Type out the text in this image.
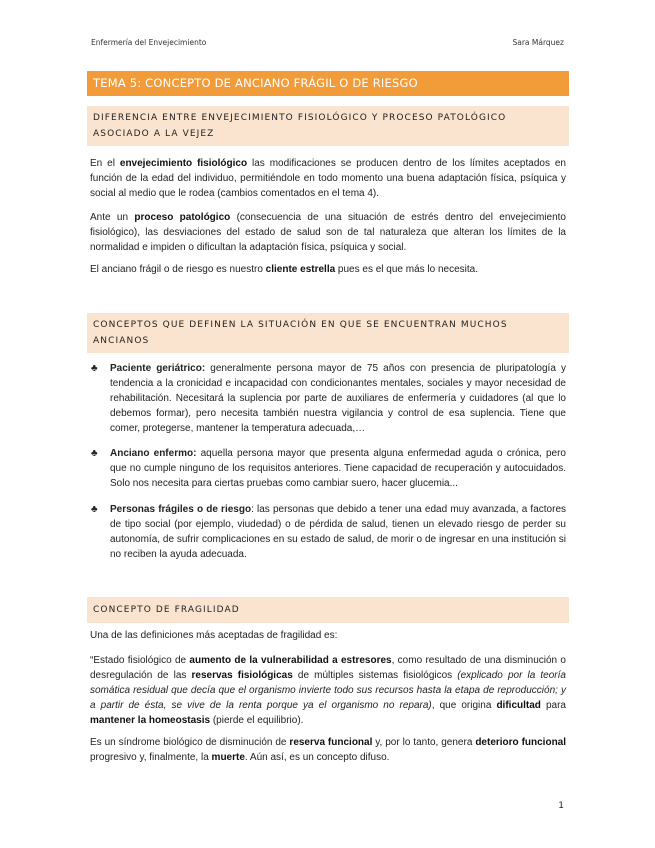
Enfermería del Envejecimiento	Sara Márquez
TEMA 5: CONCEPTO DE ANCIANO FRÁGIL O DE RIESGO
DIFERENCIA ENTRE ENVEJECIMIENTO FISIOLÓGICO Y PROCESO PATOLÓGICO
ASOCIADO A LA VEJEZ
En el envejecimiento fisiológico las modificaciones se producen dentro de los límites aceptados en función de la edad del individuo, permitiéndole en todo momento una buena adaptación física, psíquica y social al medio que le rodea (cambios comentados en el tema 4).
Ante un proceso patológico (consecuencia de una situación de estrés dentro del envejecimiento fisiológico), las desviaciones del estado de salud son de tal naturaleza que alteran los límites de la normalidad e impiden o dificultan la adaptación física, psíquica y social.
El anciano frágil o de riesgo es nuestro cliente estrella pues es el que más lo necesita.
CONCEPTOS QUE DEFINEN LA SITUACIÓN EN QUE SE ENCUENTRAN MUCHOS
ANCIANOS
♣ Paciente geriátrico: generalmente persona mayor de 75 años con presencia de pluripatología y tendencia a la cronicidad e incapacidad con condicionantes mentales, sociales y mayor necesidad de rehabilitación. Necesitará la suplencia por parte de auxiliares de enfermería y cuidadores (al que lo debemos formar), pero necesita también nuestra vigilancia y control de esa suplencia. Tiene que comer, protegerse, mantener la temperatura adecuada,…
♣ Anciano enfermo: aquella persona mayor que presenta alguna enfermedad aguda o crónica, pero que no cumple ninguno de los requisitos anteriores. Tiene capacidad de recuperación y autocuidados. Solo nos necesita para ciertas pruebas como cambiar suero, hacer glucemia...
♣ Personas frágiles o de riesgo: las personas que debido a tener una edad muy avanzada, a factores de tipo social (por ejemplo, viudedad) o de pérdida de salud, tienen un elevado riesgo de perder su autonomía, de sufrir complicaciones en su estado de salud, de morir o de ingresar en una institución si no reciben la ayuda adecuada.
CONCEPTO DE FRAGILIDAD
Una de las definiciones más aceptadas de fragilidad es:
“Estado fisiológico de aumento de la vulnerabilidad a estresores, como resultado de una disminución o desregulación de las reservas fisiológicas de múltiples sistemas fisiológicos (explicado por la teoría somática residual que decía que el organismo invierte todo sus recursos hasta la etapa de reproducción; y a partir de ésta, se vive de la renta porque ya el organismo no repara), que origina dificultad para mantener la homeostasis (pierde el equilibrio).
Es un síndrome biológico de disminución de reserva funcional y, por lo tanto, genera deterioro funcional progresivo y, finalmente, la muerte. Aún así, es un concepto difuso.
1
